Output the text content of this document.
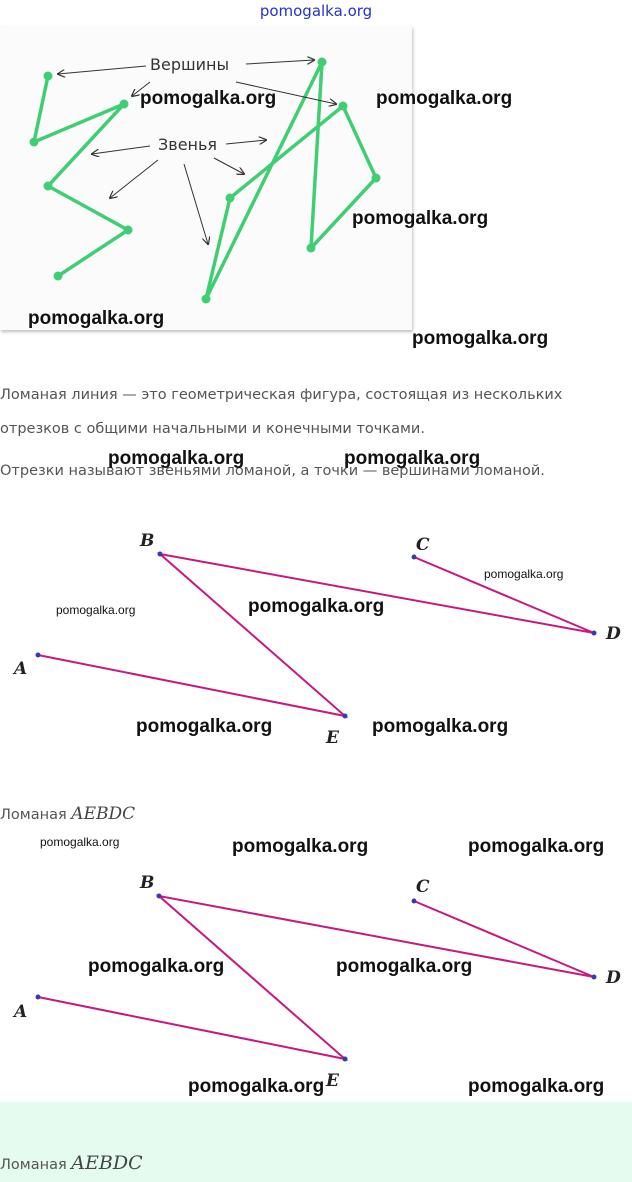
pomogalka.org
Вершины
Звенья
Ломаная линия — это геометрическая фигура, состоящая из нескольких
отрезков с общими начальными и конечными точками.
Отрезки называют звеньями ломаной, а точки — вершинами ломаной.
A
E
B
D
C
Ломаная AEBDC
A
E
B
D
C
Ломаная AEBDC
pomogalka.org	pomogalka.org
pomogalka.org
pomogalka.org
pomogalka.org
pomogalka.org	pomogalka.org
pomogalka.org
pomogalka.org	pomogalka.org
pomogalka.org	pomogalka.org
pomogalka.org	pomogalka.org	pomogalka.org
pomogalka.org	pomogalka.org
pomogalka.org	pomogalka.org
